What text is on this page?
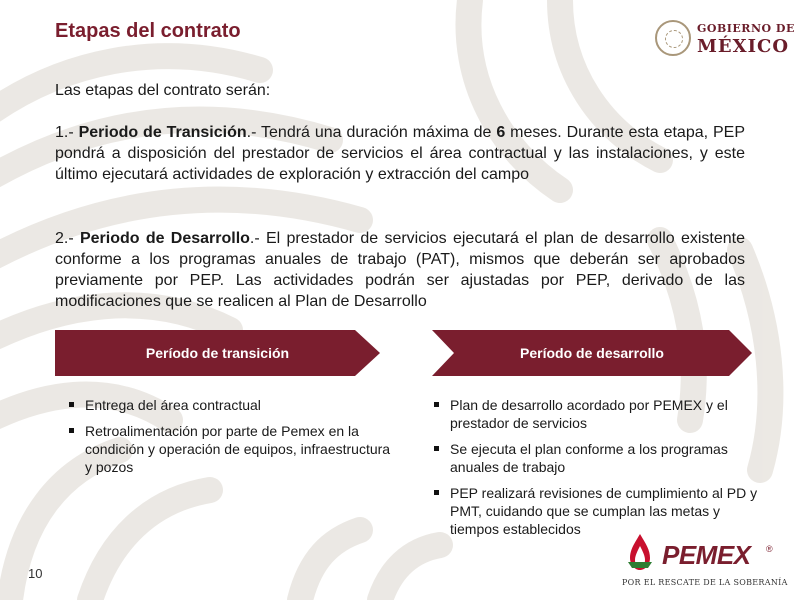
Etapas del contrato	GOBIERNO DE
MÉXICO
Las etapas del contrato serán:
1.- Periodo de Transición.- Tendrá una duración máxima de 6 meses. Durante esta etapa, PEP pondrá a disposición del prestador de servicios el área contractual y las instalaciones, y este último ejecutará actividades de exploración y extracción del campo
2.- Periodo de Desarrollo.- El prestador de servicios ejecutará el plan de desarrollo existente conforme a los programas anuales de trabajo (PAT), mismos que deberán ser aprobados previamente por PEP. Las actividades podrán ser ajustadas por PEP, derivado de las modificaciones que se realicen al Plan de Desarrollo
Período de transición	Período de desarrollo
Entrega del área contractual
Retroalimentación por parte de Pemex en la condición y operación de equipos, infraestructura y pozos
Plan de desarrollo acordado por PEMEX y el prestador de servicios
Se ejecuta el plan conforme a los programas anuales de trabajo
PEP realizará revisiones de cumplimiento al PD y PMT, cuidando que se cumplan las metas y tiempos establecidos
10
PEMEX ®
POR EL RESCATE DE LA SOBERANÍA
